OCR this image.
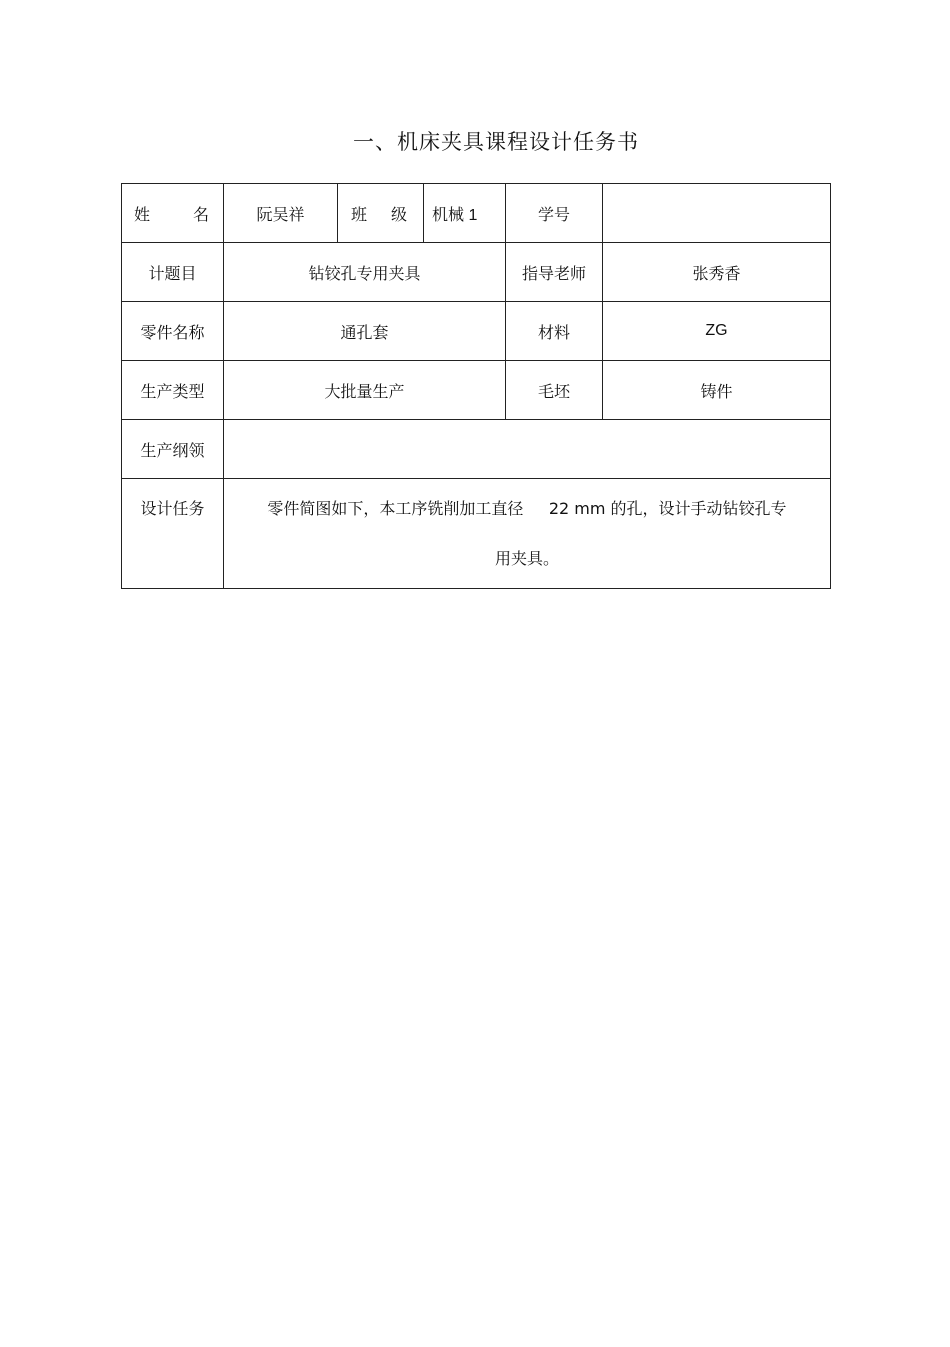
一、机床夹具课程设计任务书
姓 名	阮吴祥	班 级	机械 1	学号	
计题目	钻铰孔专用夹具			指导老师	张秀香
零件名称	通孔套			材料	ZG
生产类型	大批量生产			毛坯	铸件
生产纲领					
设计任务	零件简图如下，本工序铣削加工直径     22 mm 的孔，设计手动钻铰孔专
用夹具。				
